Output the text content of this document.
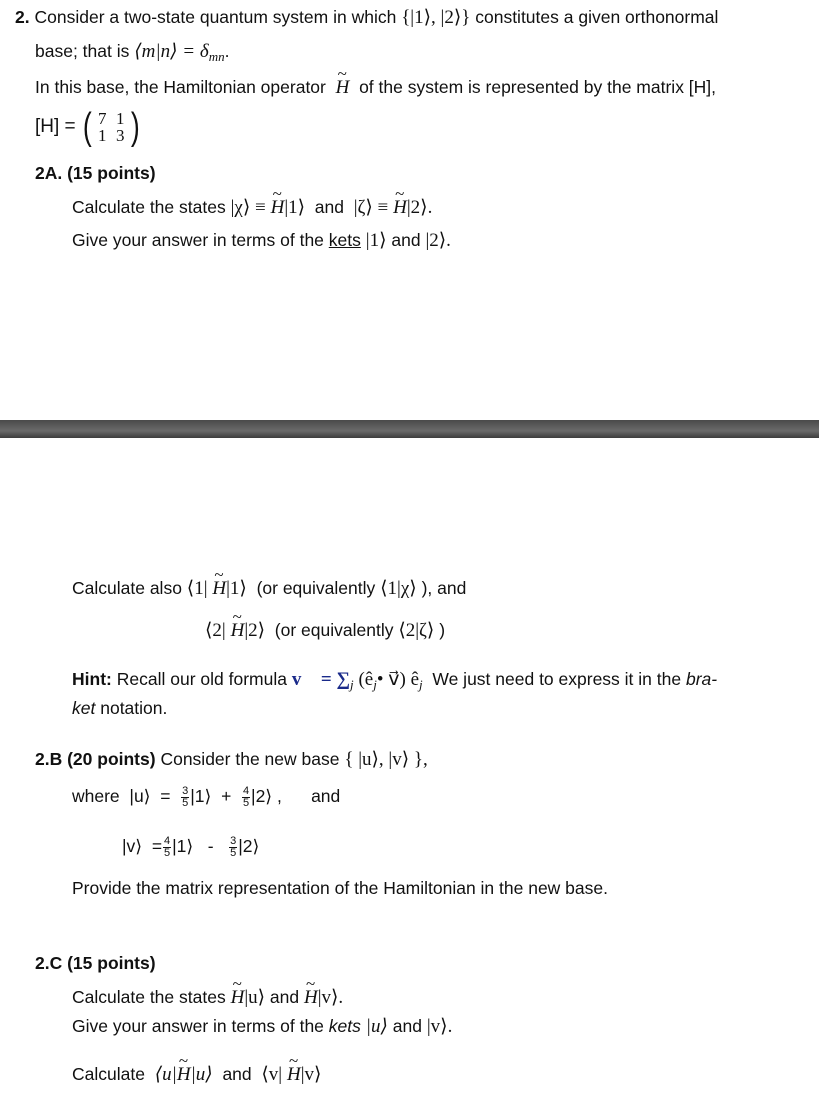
2. Consider a two-state quantum system in which {|1⟩, |2⟩} constitutes a given orthonormal
base; that is ⟨m|n⟩ = $\delta_{mn}$.
In this base, the Hamiltonian operator ~ H of the system is represented by the matrix [H],
[H] = ( 7 1
1 3 )
2A. (15 points)
Calculate the states |χ⟩ ≡ ~ H|1⟩ and |ζ⟩ ≡ ~ H|2⟩.
Give your answer in terms of the kets |1⟩ and |2⟩.
Calculate also ⟨1| ~ H|1⟩ (or equivalently ⟨1|χ⟩ ), and
⟨2| ~ H|2⟩ (or equivalently ⟨2|ζ⟩ )
Hint: Recall our old formula v⃗ = $\sum_j$ ($ê_j•$ v⃗) $ê_j$ We just need to express it in the bra-
ket notation.
2.B (20 points) Consider the new base { |u⟩, |v⟩ },
where |u⟩ = $\frac{3}{5}$ |1⟩ + $\frac{4}{5}$ |2⟩ , and
|v⟩ = $\frac{4}{5}$ |1⟩ - $\frac{3}{5}$ |2⟩
Provide the matrix representation of the Hamiltonian in the new base.
2.C (15 points)
Calculate the states ~ H|u⟩ and ~ H|v⟩.
Give your answer in terms of the kets |u⟩ and |v⟩.
Calculate ⟨u|~ H|u⟩ and ⟨v| ~ H|v⟩
